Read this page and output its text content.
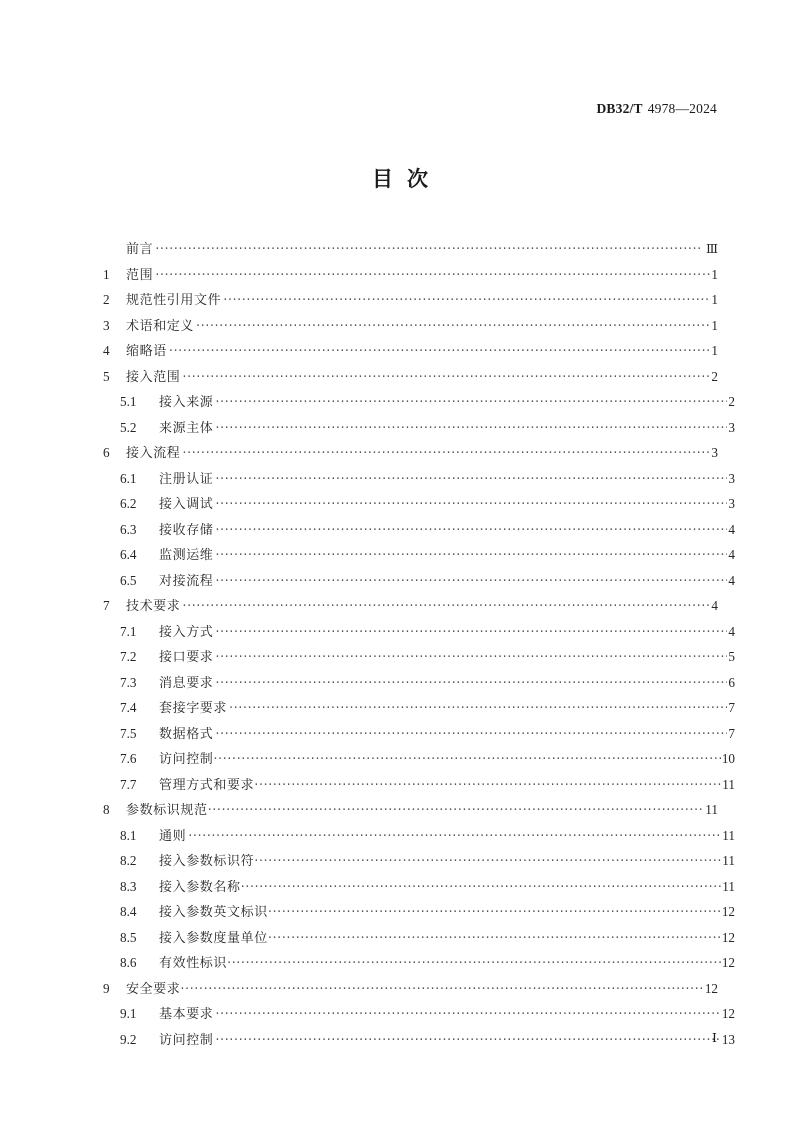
DB32/T 4978—2024
目次
前言 ·····	Ⅲ
1	范围 ·····	1
2	规范性引用文件 ·····	1
3	术语和定义 ·····	1
4	缩略语 ·····	1
5	接入范围 ·····	2
5.1	接入来源 ·····	2
5.2	来源主体 ·····	3
6	接入流程 ·····	3
6.1	注册认证 ·····	3
6.2	接入调试 ·····	3
6.3	接收存储 ·····	4
6.4	监测运维 ·····	4
6.5	对接流程 ·····	4
7	技术要求 ·····	4
7.1	接入方式 ·····	4
7.2	接口要求 ·····	5
7.3	消息要求 ·····	6
7.4	套接字要求 ·····	7
7.5	数据格式 ·····	7
7.6	访问控制 ·····	10
7.7	管理方式和要求 ·····	11
8	参数标识规范 ·····	11
8.1	通则 ·····	11
8.2	接入参数标识符 ·····	11
8.3	接入参数名称 ·····	11
8.4	接入参数英文标识 ·····	12
8.5	接入参数度量单位 ·····	12
8.6	有效性标识 ·····	12
9	安全要求 ·····	12
9.1	基本要求 ·····	12
9.2	访问控制 ·····	13
Ⅰ
